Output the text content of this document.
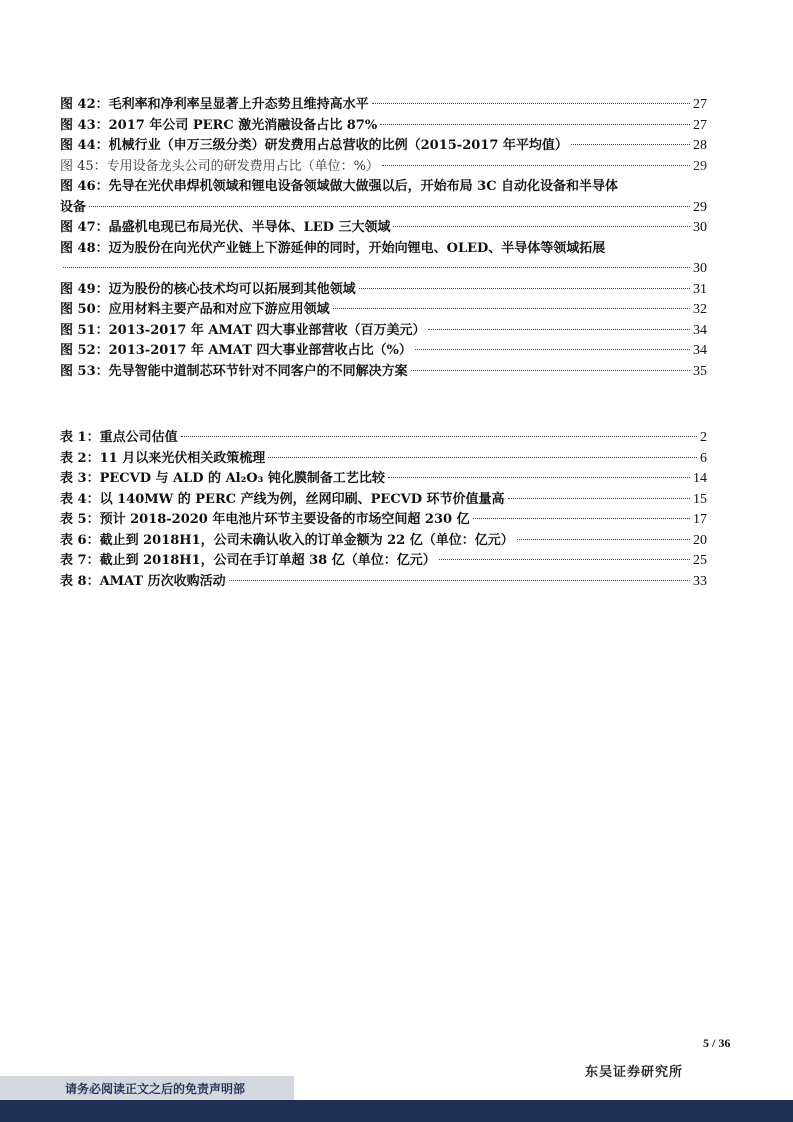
图 42：毛利率和净利率呈显著上升态势且维持高水平	27
图 43：2017 年公司 PERC 激光消融设备占比 87%	27
图 44：机械行业（申万三级分类）研发费用占总营收的比例（2015-2017 年平均值）	28
图 45：专用设备龙头公司的研发费用占比（单位：%）	29
图 46：先导在光伏串焊机领域和锂电设备领域做大做强以后，开始布局 3C 自动化设备和半导体
设备	29
图 47：晶盛机电现已布局光伏、半导体、LED 三大领域	30
图 48：迈为股份在向光伏产业链上下游延伸的同时，开始向锂电、OLED、半导体等领域拓展
30
图 49：迈为股份的核心技术均可以拓展到其他领域	31
图 50：应用材料主要产品和对应下游应用领域	32
图 51：2013-2017 年 AMAT 四大事业部营收（百万美元）	34
图 52：2013-2017 年 AMAT 四大事业部营收占比（%）	34
图 53：先导智能中道制芯环节针对不同客户的不同解决方案	35
表 1：重点公司估值	2
表 2：11 月以来光伏相关政策梳理	6
表 3：PECVD 与 ALD 的 Al₂O₃ 钝化膜制备工艺比较	14
表 4：以 140MW 的 PERC 产线为例，丝网印刷、PECVD 环节价值量高	15
表 5：预计 2018-2020 年电池片环节主要设备的市场空间超 230 亿	17
表 6：截止到 2018H1，公司未确认收入的订单金额为 22 亿（单位：亿元）	20
表 7：截止到 2018H1，公司在手订单超 38 亿（单位：亿元）	25
表 8：AMAT 历次收购活动	33
5 / 36
东吴证券研究所
请务必阅读正文之后的免责声明部
